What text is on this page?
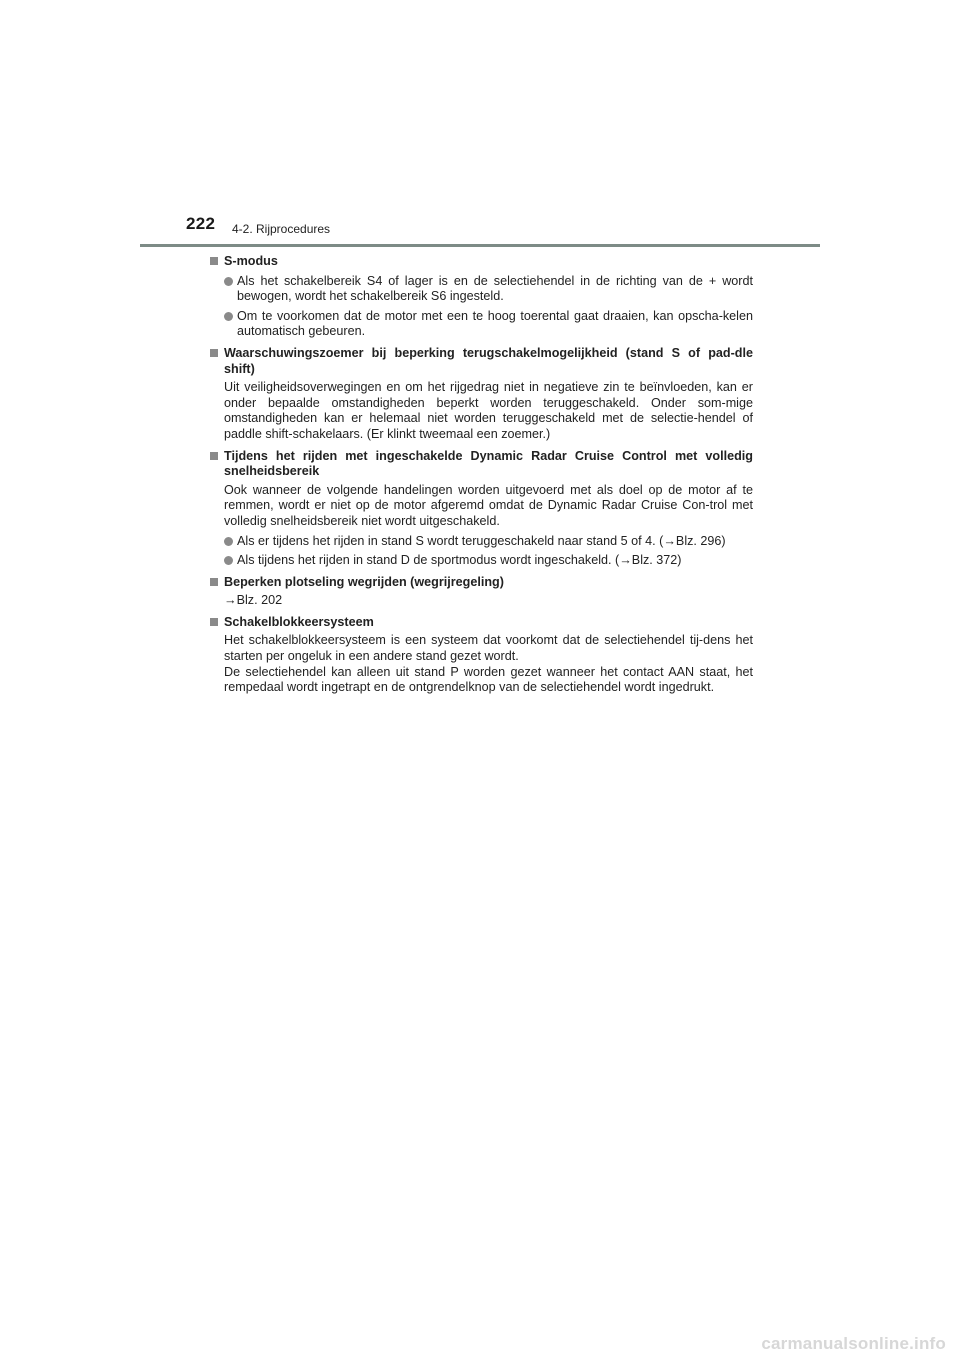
222 4-2. Rijprocedures
S-modus
Als het schakelbereik S4 of lager is en de selectiehendel in de richting van de + wordt bewogen, wordt het schakelbereik S6 ingesteld.
Om te voorkomen dat de motor met een te hoog toerental gaat draaien, kan opscha-kelen automatisch gebeuren.
Waarschuwingszoemer bij beperking terugschakelmogelijkheid (stand S of pad-dle shift)
Uit veiligheidsoverwegingen en om het rijgedrag niet in negatieve zin te beïnvloeden, kan er onder bepaalde omstandigheden beperkt worden teruggeschakeld. Onder som-mige omstandigheden kan er helemaal niet worden teruggeschakeld met de selectie-hendel of paddle shift-schakelaars. (Er klinkt tweemaal een zoemer.)
Tijdens het rijden met ingeschakelde Dynamic Radar Cruise Control met volledig snelheidsbereik
Ook wanneer de volgende handelingen worden uitgevoerd met als doel op de motor af te remmen, wordt er niet op de motor afgeremd omdat de Dynamic Radar Cruise Con-trol met volledig snelheidsbereik niet wordt uitgeschakeld.
Als er tijdens het rijden in stand S wordt teruggeschakeld naar stand 5 of 4. (→Blz. 296)
Als tijdens het rijden in stand D de sportmodus wordt ingeschakeld. (→Blz. 372)
Beperken plotseling wegrijden (wegrijregeling)
→Blz. 202
Schakelblokkeersysteem
Het schakelblokkeersysteem is een systeem dat voorkomt dat de selectiehendel tij-dens het starten per ongeluk in een andere stand gezet wordt.
De selectiehendel kan alleen uit stand P worden gezet wanneer het contact AAN staat, het rempedaal wordt ingetrapt en de ontgrendelknop van de selectiehendel wordt ingedrukt.
carmanualsonline.info
